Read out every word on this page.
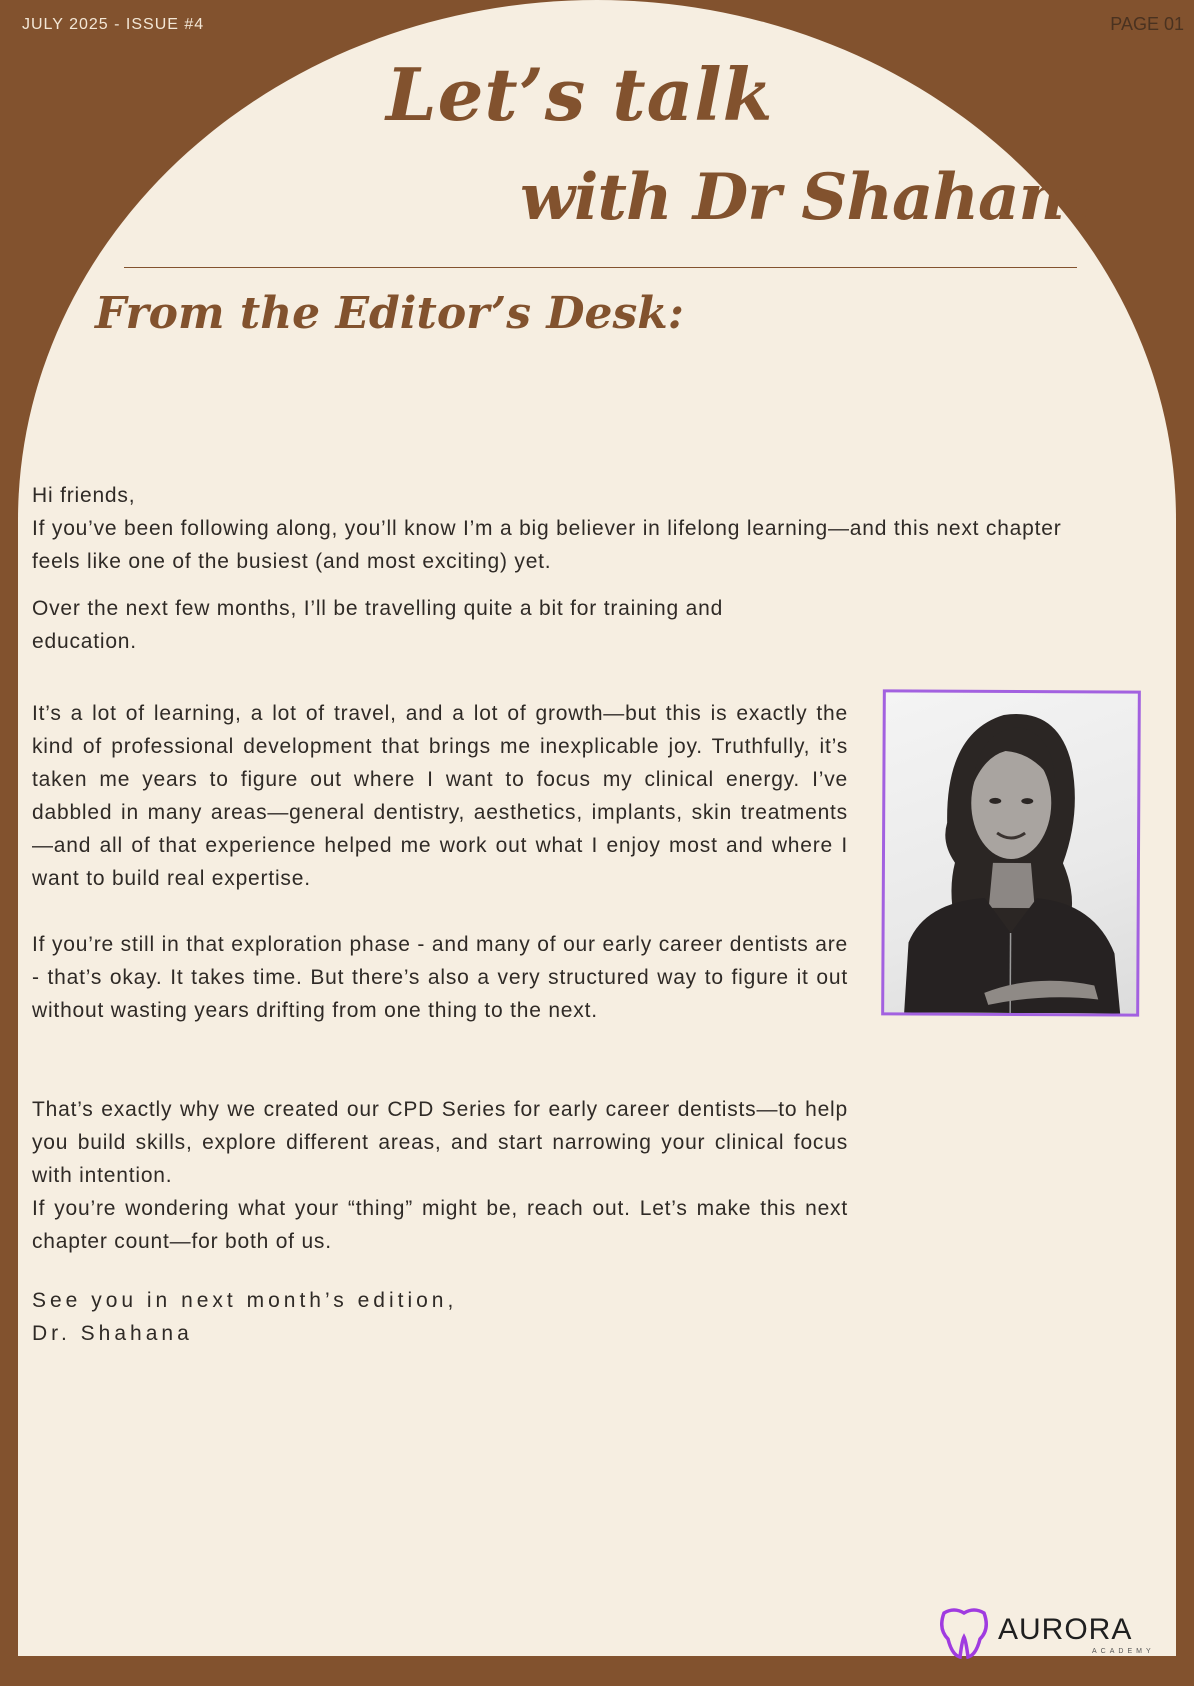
JULY 2025 - ISSUE #4	PAGE 01
Let’s talk
with Dr Shahana
From the Editor’s Desk:

Hi friends,

If you’ve been following along, you’ll know I’m a big believer in lifelong learning—and this next chapter feels like one of the busiest (and most exciting) yet.

Over the next few months, I’ll be travelling quite a bit for training and education.

It’s a lot of learning, a lot of travel, and a lot of growth—but this is exactly the kind of professional development that brings me inexplicable joy. Truthfully, it’s taken me years to figure out where I want to focus my clinical energy. I’ve dabbled in many areas—general dentistry, aesthetics, implants, skin treatments—and all of that experience helped me work out what I enjoy most and where I want to build real expertise.

If you’re still in that exploration phase - and many of our early career dentists are - that’s okay. It takes time. But there’s also a very structured way to figure it out without wasting years drifting from one thing to the next.

That’s exactly why we created our CPD Series for early career dentists—to help you build skills, explore different areas, and start narrowing your clinical focus with intention.

If you’re wondering what your “thing” might be, reach out. Let’s make this next chapter count—for both of us.

See you in next month’s edition,

Dr. Shahana

AURORA
ACADEMY
